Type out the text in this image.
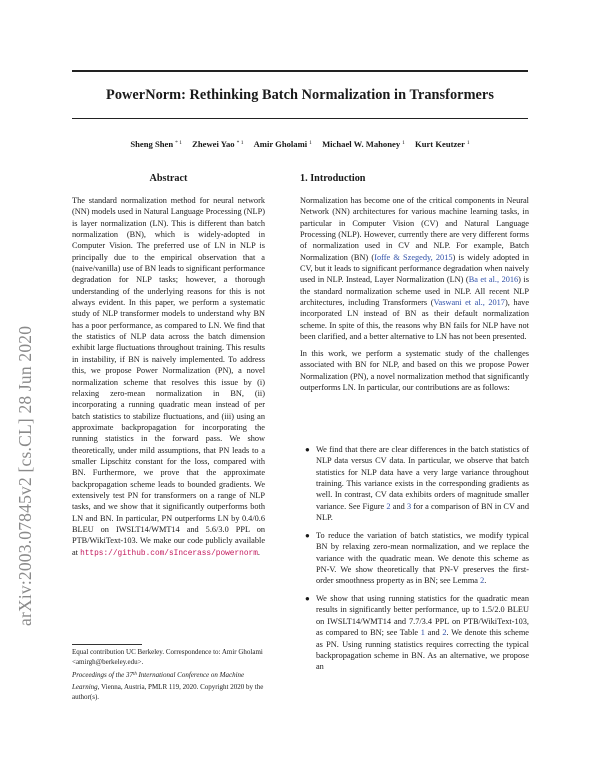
arXiv:2003.07845v2 [cs.CL] 28 Jun 2020
PowerNorm: Rethinking Batch Normalization in Transformers
Sheng Shen $^{* 1}$ Zhewei Yao $^{* 1}$ Amir Gholami $^1$ Michael W. Mahoney $^1$ Kurt Keutzer $^1$
Abstract

The standard normalization method for neural network (NN) models used in Natural Language Processing (NLP) is layer normalization (LN). This is different than batch normalization (BN), which is widely-adopted in Computer Vision. The preferred use of LN in NLP is principally due to the empirical observation that a (naive/vanilla) use of BN leads to significant performance degradation for NLP tasks; however, a thorough understanding of the underlying reasons for this is not always evident. In this paper, we perform a systematic study of NLP transformer models to understand why BN has a poor performance, as compared to LN. We find that the statistics of NLP data across the batch dimension exhibit large fluctuations throughout training. This results in instability, if BN is naively implemented. To address this, we propose Power Normalization (PN), a novel normalization scheme that resolves this issue by (i) relaxing zero-mean normalization in BN, (ii) incorporating a running quadratic mean instead of per batch statistics to stabilize fluctuations, and (iii) using an approximate backpropagation for incorporating the running statistics in the forward pass. We show theoretically, under mild assumptions, that PN leads to a smaller Lipschitz constant for the loss, compared with BN. Furthermore, we prove that the approximate backpropagation scheme leads to bounded gradients. We extensively test PN for transformers on a range of NLP tasks, and we show that it significantly outperforms both LN and BN. In particular, PN outperforms LN by 0.4/0.6 BLEU on IWSLT14/WMT14 and 5.6/3.0 PPL on PTB/WikiText-103. We make our code publicly available at https://github.com/sIncerass/powernorm.

Equal contribution UC Berkeley. Correspondence to: Amir Gholami <amirgh@berkeley.edu>.
Proceedings of the 37th International Conference on Machine Learning, Vienna, Austria, PMLR 119, 2020. Copyright 2020 by the author(s).
1. Introduction

Normalization has become one of the critical components in Neural Network (NN) architectures for various machine learning tasks, in particular in Computer Vision (CV) and Natural Language Processing (NLP). However, currently there are very different forms of normalization used in CV and NLP. For example, Batch Normalization (BN) (Ioffe & Szegedy, 2015) is widely adopted in CV, but it leads to significant performance degradation when naively used in NLP. Instead, Layer Normalization (LN) (Ba et al., 2016) is the standard normalization scheme used in NLP. All recent NLP architectures, including Transformers (Vaswani et al., 2017), have incorporated LN instead of BN as their default normalization scheme. In spite of this, the reasons why BN fails for NLP have not been clarified, and a better alternative to LN has not been presented.

In this work, we perform a systematic study of the challenges associated with BN for NLP, and based on this we propose Power Normalization (PN), a novel normalization method that significantly outperforms LN. In particular, our contributions are as follows:

● We find that there are clear differences in the batch statistics of NLP data versus CV data. In particular, we observe that batch statistics for NLP data have a very large variance throughout training. This variance exists in the corresponding gradients as well. In contrast, CV data exhibits orders of magnitude smaller variance. See Figure 2 and 3 for a comparison of BN in CV and NLP.
● To reduce the variation of batch statistics, we modify typical BN by relaxing zero-mean normalization, and we replace the variance with the quadratic mean. We denote this scheme as PN-V. We show theoretically that PN-V preserves the first-order smoothness property as in BN; see Lemma 2.
● We show that using running statistics for the quadratic mean results in significantly better performance, up to 1.5/2.0 BLEU on IWSLT14/WMT14 and 7.7/3.4 PPL on PTB/WikiText-103, as compared to BN; see Table 1 and 2. We denote this scheme as PN. Using running statistics requires correcting the typical backpropagation scheme in BN. As an alternative, we propose an
